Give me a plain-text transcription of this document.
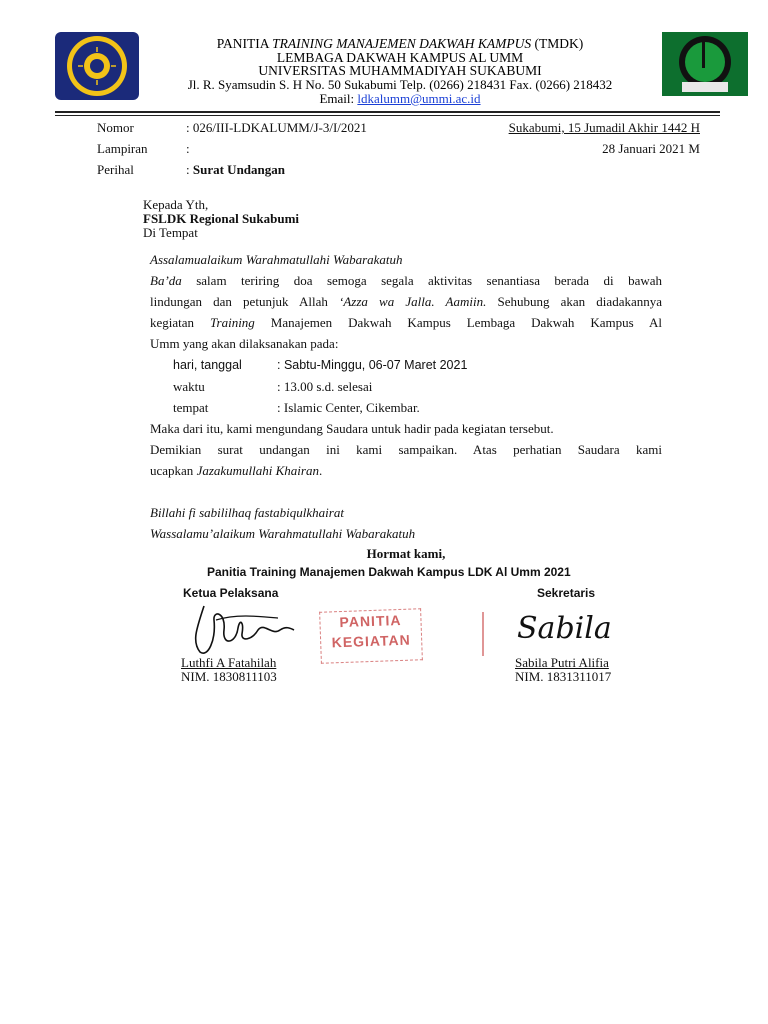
PANITIA TRAINING MANAJEMEN DAKWAH KAMPUS (TMDK)
LEMBAGA DAKWAH KAMPUS AL UMM
UNIVERSITAS MUHAMMADIYAH SUKABUMI
Jl. R. Syamsudin S. H No. 50 Sukabumi Telp. (0266) 218431 Fax. (0266) 218432
Email: ldkalumm@ummi.ac.id
Nomor	: 026/III-LDKALUMM/J-3/I/2021	Sukabumi, 15 Jumadil Akhir 1442 H
Lampiran	:	28 Januari 2021 M
Perihal	: Surat Undangan
Kepada Yth,
FSLDK Regional Sukabumi
Di Tempat
Assalamualaikum Warahmatullahi Wabarakatuh
Ba’da salam teriring doa semoga segala aktivitas senantiasa berada di bawah
lindungan dan petunjuk Allah ‘Azza wa Jalla. Aamiin. Sehubung akan diadakannya
kegiatan Training Manajemen Dakwah Kampus Lembaga Dakwah Kampus Al
Umm yang akan dilaksanakan pada:
hari, tanggal	: Sabtu-Minggu, 06-07 Maret 2021
waktu	: 13.00 s.d. selesai
tempat	: Islamic Center, Cikembar.
Maka dari itu, kami mengundang Saudara untuk hadir pada kegiatan tersebut.
Demikian surat undangan ini kami sampaikan. Atas perhatian Saudara kami
ucapkan Jazakumullahi Khairan.
Billahi fi sabililhaq fastabiqulkhairat
Wassalamu’alaikum Warahmatullahi Wabarakatuh
Hormat kami,
Panitia Training Manajemen Dakwah Kampus LDK Al Umm 2021
Ketua Pelaksana	Sekretaris
PANITIA
KEGIATAN	Sabila
Luthfi A Fatahilah
NIM. 1830811103
Sabila Putri Alifia
NIM. 1831311017
